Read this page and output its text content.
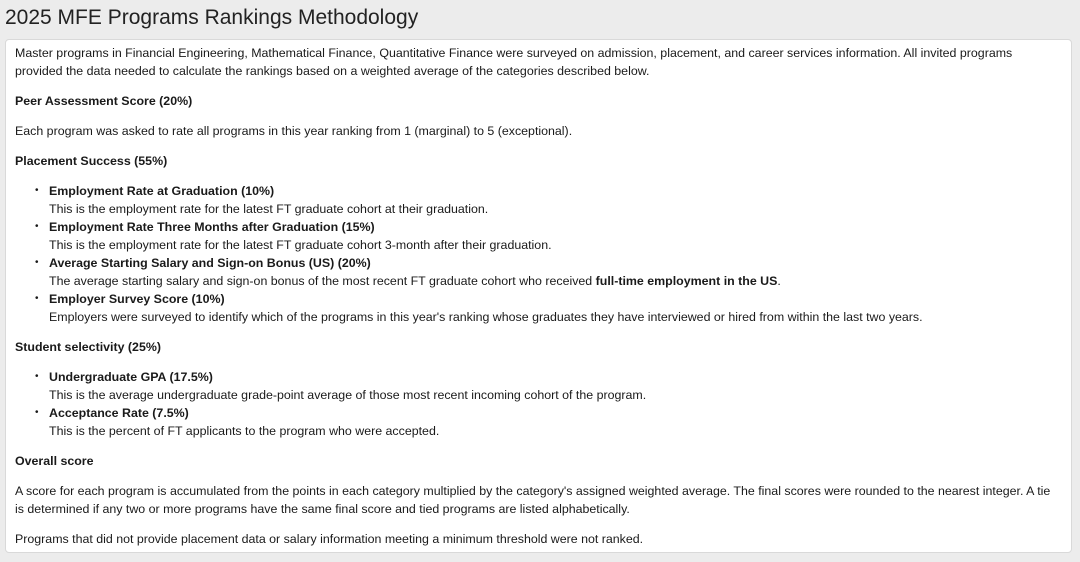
2025 MFE Programs Rankings Methodology

Master programs in Financial Engineering, Mathematical Finance, Quantitative Finance were surveyed on admission, placement, and career services information. All invited programs provided the data needed to calculate the rankings based on a weighted average of the categories described below.

Peer Assessment Score (20%)

Each program was asked to rate all programs in this year ranking from 1 (marginal) to 5 (exceptional).

Placement Success (55%)

• Employment Rate at Graduation (10%)
This is the employment rate for the latest FT graduate cohort at their graduation.
• Employment Rate Three Months after Graduation (15%)
This is the employment rate for the latest FT graduate cohort 3-month after their graduation.
• Average Starting Salary and Sign-on Bonus (US) (20%)
The average starting salary and sign-on bonus of the most recent FT graduate cohort who received full-time employment in the US.
• Employer Survey Score (10%)
Employers were surveyed to identify which of the programs in this year's ranking whose graduates they have interviewed or hired from within the last two years.

Student selectivity (25%)

• Undergraduate GPA (17.5%)
This is the average undergraduate grade-point average of those most recent incoming cohort of the program.
• Acceptance Rate (7.5%)
This is the percent of FT applicants to the program who were accepted.

Overall score

A score for each program is accumulated from the points in each category multiplied by the category's assigned weighted average. The final scores were rounded to the nearest integer. A tie is determined if any two or more programs have the same final score and tied programs are listed alphabetically.

Programs that did not provide placement data or salary information meeting a minimum threshold were not ranked.
